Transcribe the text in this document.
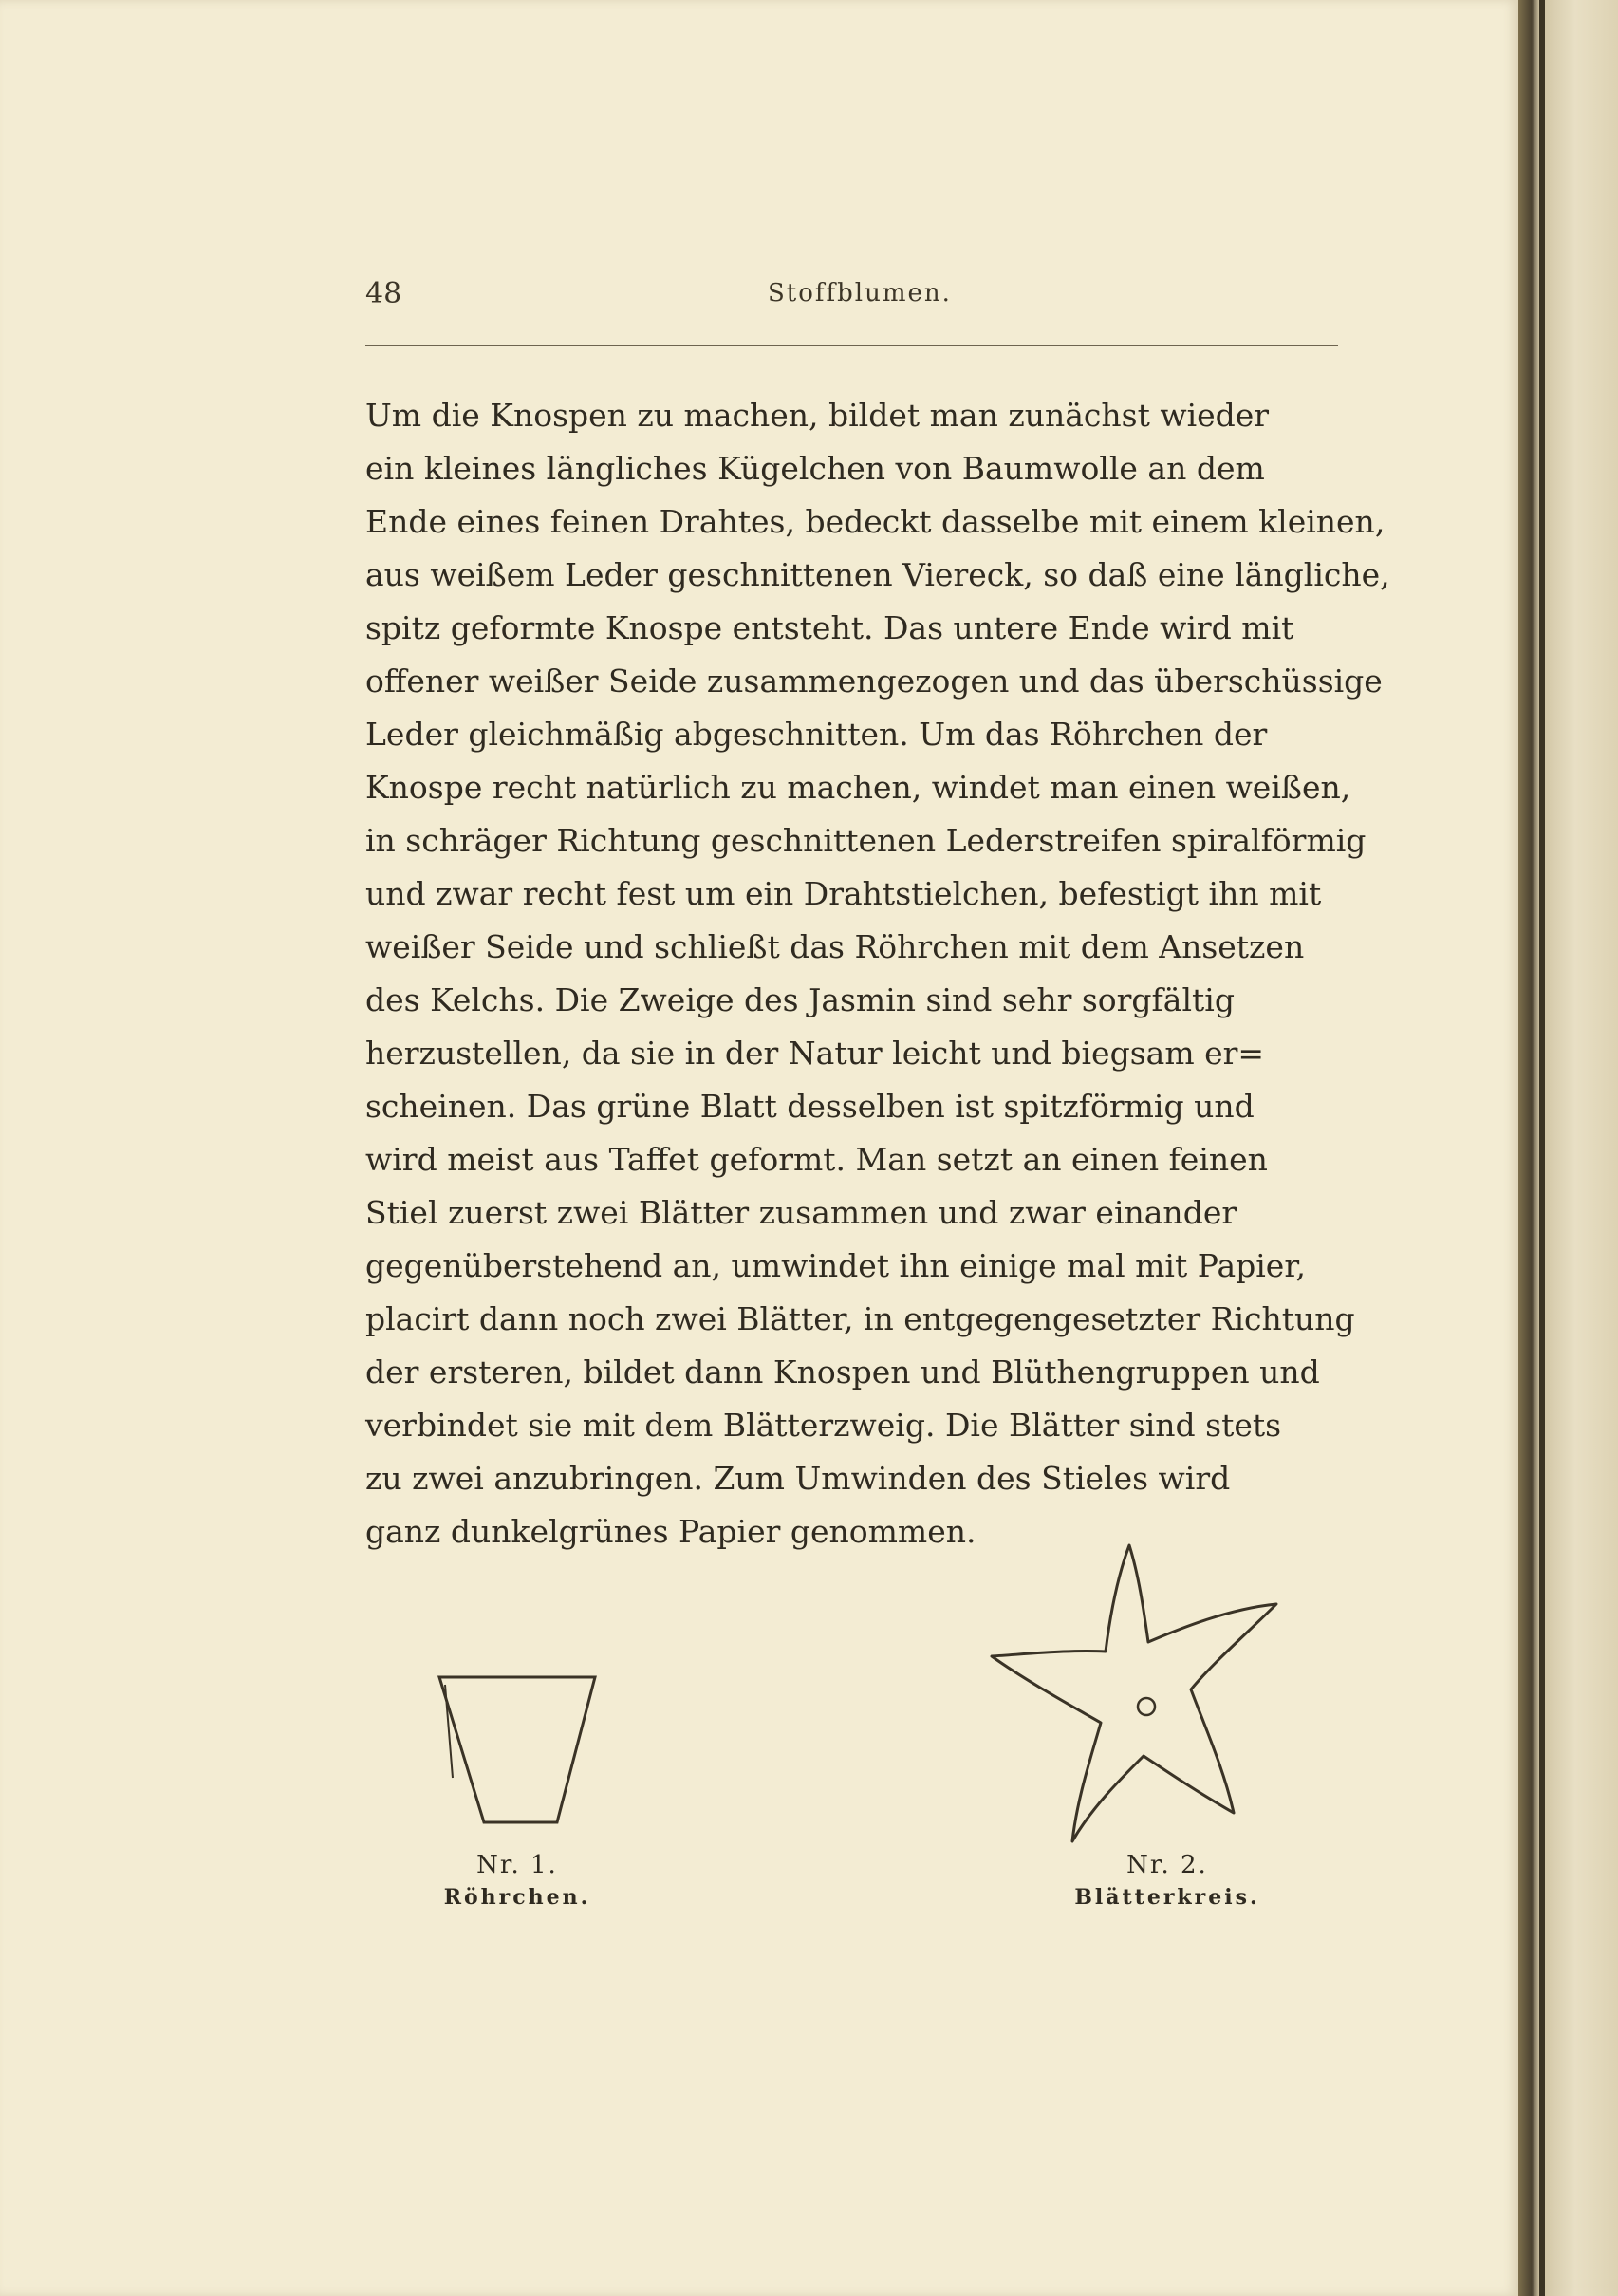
48	Stoffblumen.
Um die Knospen zu machen, bildet man zunächst wieder
ein kleines längliches Kügelchen von Baumwolle an dem
Ende eines feinen Drahtes, bedeckt dasselbe mit einem kleinen,
aus weißem Leder geschnittenen Viereck, so daß eine längliche,
spitz geformte Knospe entsteht. Das untere Ende wird mit
offener weißer Seide zusammengezogen und das überschüssige
Leder gleichmäßig abgeschnitten. Um das Röhrchen der
Knospe recht natürlich zu machen, windet man einen weißen,
in schräger Richtung geschnittenen Lederstreifen spiralförmig
und zwar recht fest um ein Drahtstielchen, befestigt ihn mit
weißer Seide und schließt das Röhrchen mit dem Ansetzen
des Kelchs. Die Zweige des Jasmin sind sehr sorgfältig
herzustellen, da sie in der Natur leicht und biegsam er=
scheinen. Das grüne Blatt desselben ist spitzförmig und
wird meist aus Taffet geformt. Man setzt an einen feinen
Stiel zuerst zwei Blätter zusammen und zwar einander
gegenüberstehend an, umwindet ihn einige mal mit Papier,
placirt dann noch zwei Blätter, in entgegengesetzter Richtung
der ersteren, bildet dann Knospen und Blüthengruppen und
verbindet sie mit dem Blätterzweig. Die Blätter sind stets
zu zwei anzubringen. Zum Umwinden des Stieles wird
ganz dunkelgrünes Papier genommen.
Nr. 1.
Röhrchen.
Nr. 2.
Blätterkreis.
